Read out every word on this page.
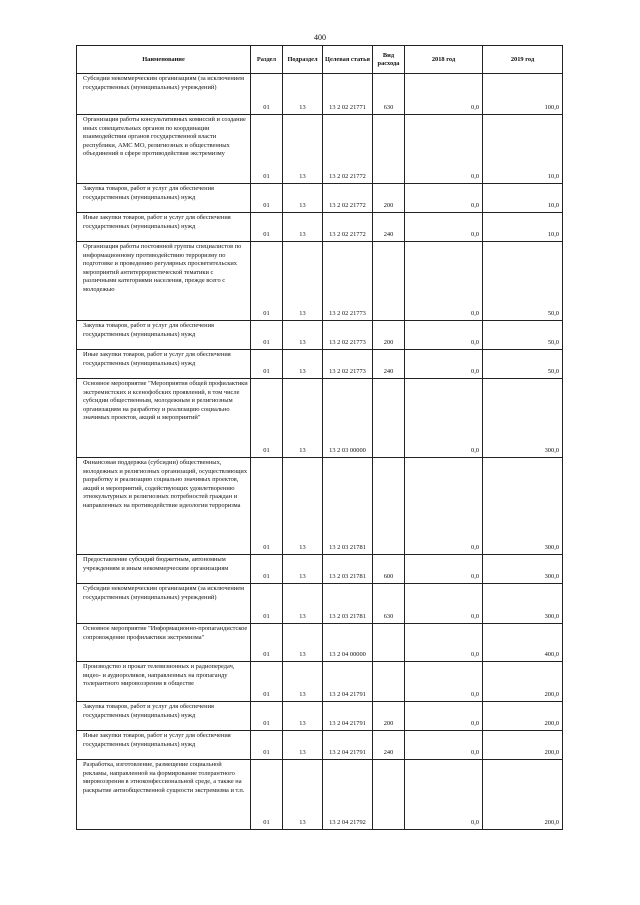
400
Наименование	Раздел	Подраздел	Целевая статья	Вид расхода	2018 год	2019 год

Субсидии некоммерческим организациям (за исключением государственных (муниципальных) учреждений)	01	13	13 2 02 21771	630	0,0	100,0

Организация работы консультативных комиссий и создание иных совещательных органов по координации взаимодействия органов государственной власти республики, АМС МО, религиозных и общественных объединений в сфере противодействия экстремизму	01	13	13 2 02 21772		0,0	10,0

Закупка товаров, работ и услуг для обеспечения государственных (муниципальных) нужд	01	13	13 2 02 21772	200	0,0	10,0

Иные закупки товаров, работ и услуг для обеспечения государственных (муниципальных) нужд	01	13	13 2 02 21772	240	0,0	10,0

Организация работы постоянной группы специалистов по информационному противодействию терроризму по подготовке и проведению регулярных просветительских мероприятий антитеррористической тематики с различными категориями населения, прежде всего с молодежью	01	13	13 2 02 21773		0,0	50,0

Закупка товаров, работ и услуг для обеспечения государственных (муниципальных) нужд	01	13	13 2 02 21773	200	0,0	50,0

Иные закупки товаров, работ и услуг для обеспечения государственных (муниципальных) нужд	01	13	13 2 02 21773	240	0,0	50,0

Основное мероприятие "Мероприятия общей профилактики экстремистских и ксенофобских проявлений, в том числе субсидии общественным, молодежным и религиозным организациям на разработку и реализацию социально значимых проектов, акций и мероприятий"	01	13	13 2 03 00000		0,0	300,0

Финансовая поддержка (субсидии) общественных, молодежных и религиозных организаций, осуществляющих разработку и реализацию социально значимых проектов, акций и мероприятий, содействующих удовлетворению этнокультурных и религиозных потребностей граждан и направленных на противодействие идеологии терроризма	01	13	13 2 03 21781		0,0	300,0

Предоставление субсидий бюджетным, автономным учреждениям и иным некоммерческим организациям	01	13	13 2 03 21781	600	0,0	300,0

Субсидии некоммерческим организациям (за исключением государственных (муниципальных) учреждений)	01	13	13 2 03 21781	630	0,0	300,0

Основное мероприятие "Информационно-пропагандистское сопровождение профилактики экстремизма"	01	13	13 2 04 00000		0,0	400,0

Производство и прокат телевизионных и радиопередач, видео- и аудиороликов, направленных на пропаганду толерантного мировоззрения в обществе	01	13	13 2 04 21791		0,0	200,0

Закупка товаров, работ и услуг для обеспечения государственных (муниципальных) нужд	01	13	13 2 04 21791	200	0,0	200,0

Иные закупки товаров, работ и услуг для обеспечения государственных (муниципальных) нужд	01	13	13 2 04 21791	240	0,0	200,0

Разработка, изготовление, размещение социальной рекламы, направленной на формирование толерантного мировоззрения в этноконфессиональной среде, а также на раскрытие антиобщественной сущности экстремизма и т.п.	01	13	13 2 04 21792		0,0	200,0
